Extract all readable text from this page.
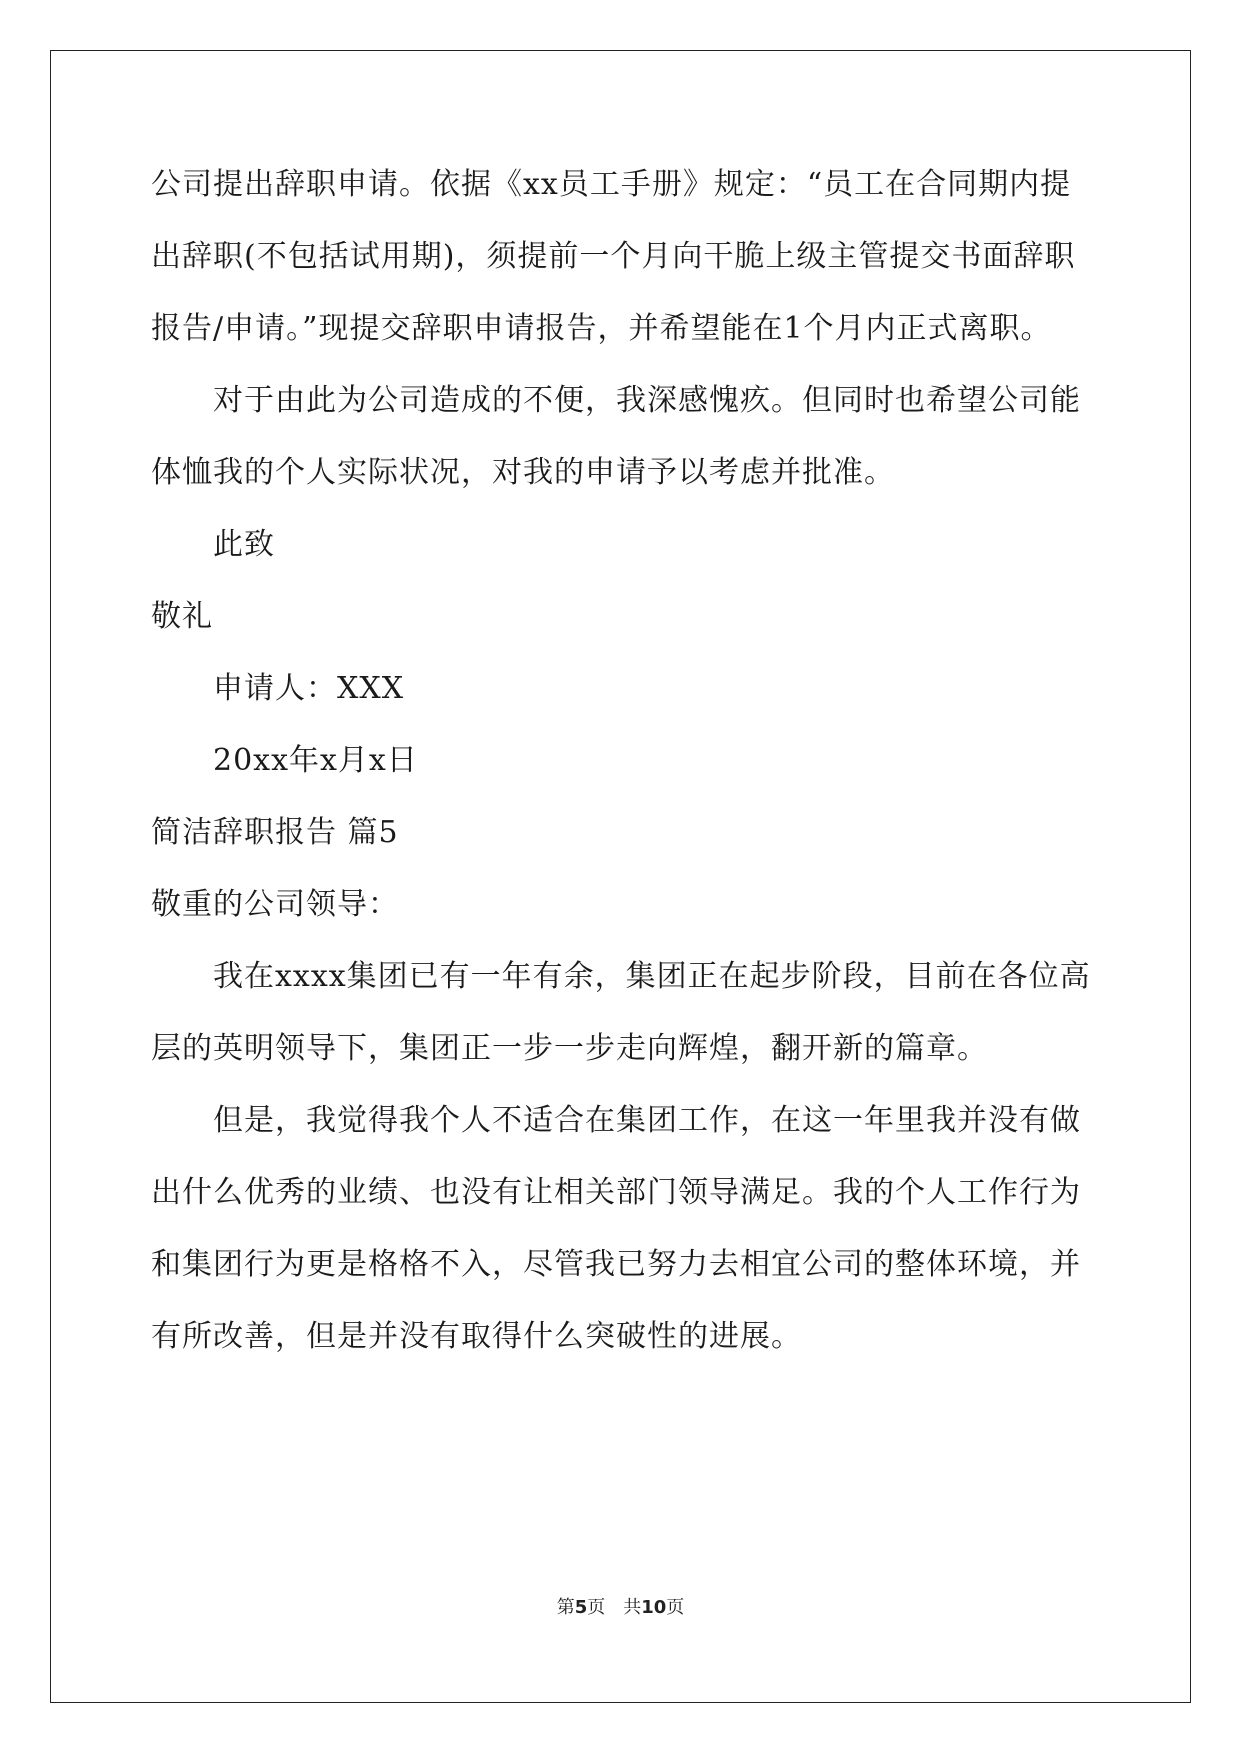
公司提出辞职申请。依据《xx员工手册》规定：“员工在合同期内提
出辞职(不包括试用期)，须提前一个月向干脆上级主管提交书面辞职
报告/申请。”现提交辞职申请报告，并希望能在1个月内正式离职。
对于由此为公司造成的不便，我深感愧疚。但同时也希望公司能
体恤我的个人实际状况，对我的申请予以考虑并批准。
此致
敬礼
申请人：XXX
20xx年x月x日
简洁辞职报告 篇5
敬重的公司领导：
我在xxxx集团已有一年有余，集团正在起步阶段，目前在各位高
层的英明领导下，集团正一步一步走向辉煌，翻开新的篇章。
但是，我觉得我个人不适合在集团工作，在这一年里我并没有做
出什么优秀的业绩、也没有让相关部门领导满足。我的个人工作行为
和集团行为更是格格不入，尽管我已努力去相宜公司的整体环境，并
有所改善，但是并没有取得什么突破性的进展。
第5页　共10页
